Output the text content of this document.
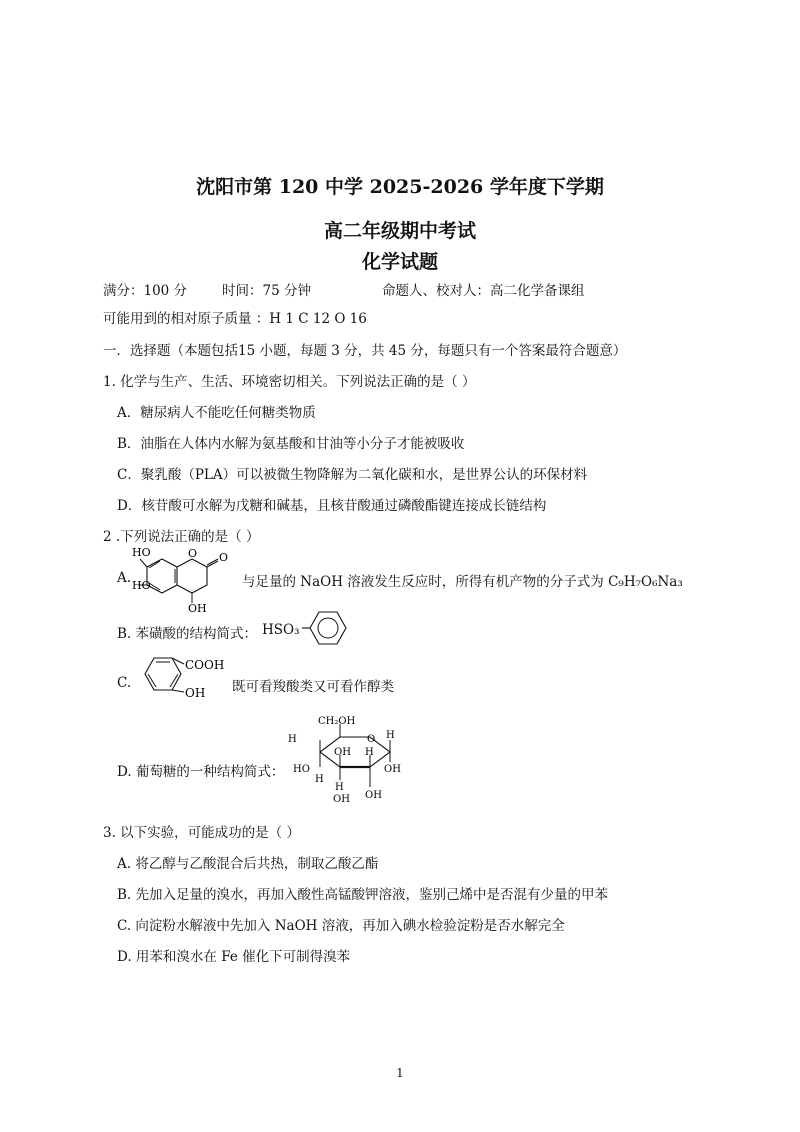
沈阳市第 120 中学 2025-2026 学年度下学期
高二年级期中考试
化学试题
满分：100 分	时间：75 分钟	命题人、校对人：高二化学备课组
可能用到的相对原子质量 ：H 1 C 12 O 16
一．选择题（本题包括15 小题，每题 3 分，共 45 分，每题只有一个答案最符合题意）
1. 化学与生产、生活、环境密切相关。下列说法正确的是（ ）
A．糖尿病人不能吃任何糖类物质
B．油脂在人体内水解为氨基酸和甘油等小分子才能被吸收
C．聚乳酸（PLA）可以被微生物降解为二氧化碳和水，是世界公认的环保材料
D．核苷酸可水解为戊糖和碱基，且核苷酸通过磷酸酯键连接成长链结构
2 .下列说法正确的是（ ）
A.
HO
HO
OH
O O
与足量的 NaOH 溶液发生反应时，所得有机产物的分子式为 C₉H₇O₆Na₃
B. 苯磺酸的结构简式： HSO₃
C.
COOH
OH 既可看羧酸类又可看作醇类
D. 葡萄糖的一种结构简式：
CH₂OH
O H
OH
H
HO
H
OH
H
H
OH
OH
3. 以下实验，可能成功的是（ ）
A. 将乙醇与乙酸混合后共热，制取乙酸乙酯
B. 先加入足量的溴水，再加入酸性高锰酸钾溶液，鉴别己烯中是否混有少量的甲苯
C. 向淀粉水解液中先加入 NaOH 溶液，再加入碘水检验淀粉是否水解完全
D. 用苯和溴水在 Fe 催化下可制得溴苯
1
